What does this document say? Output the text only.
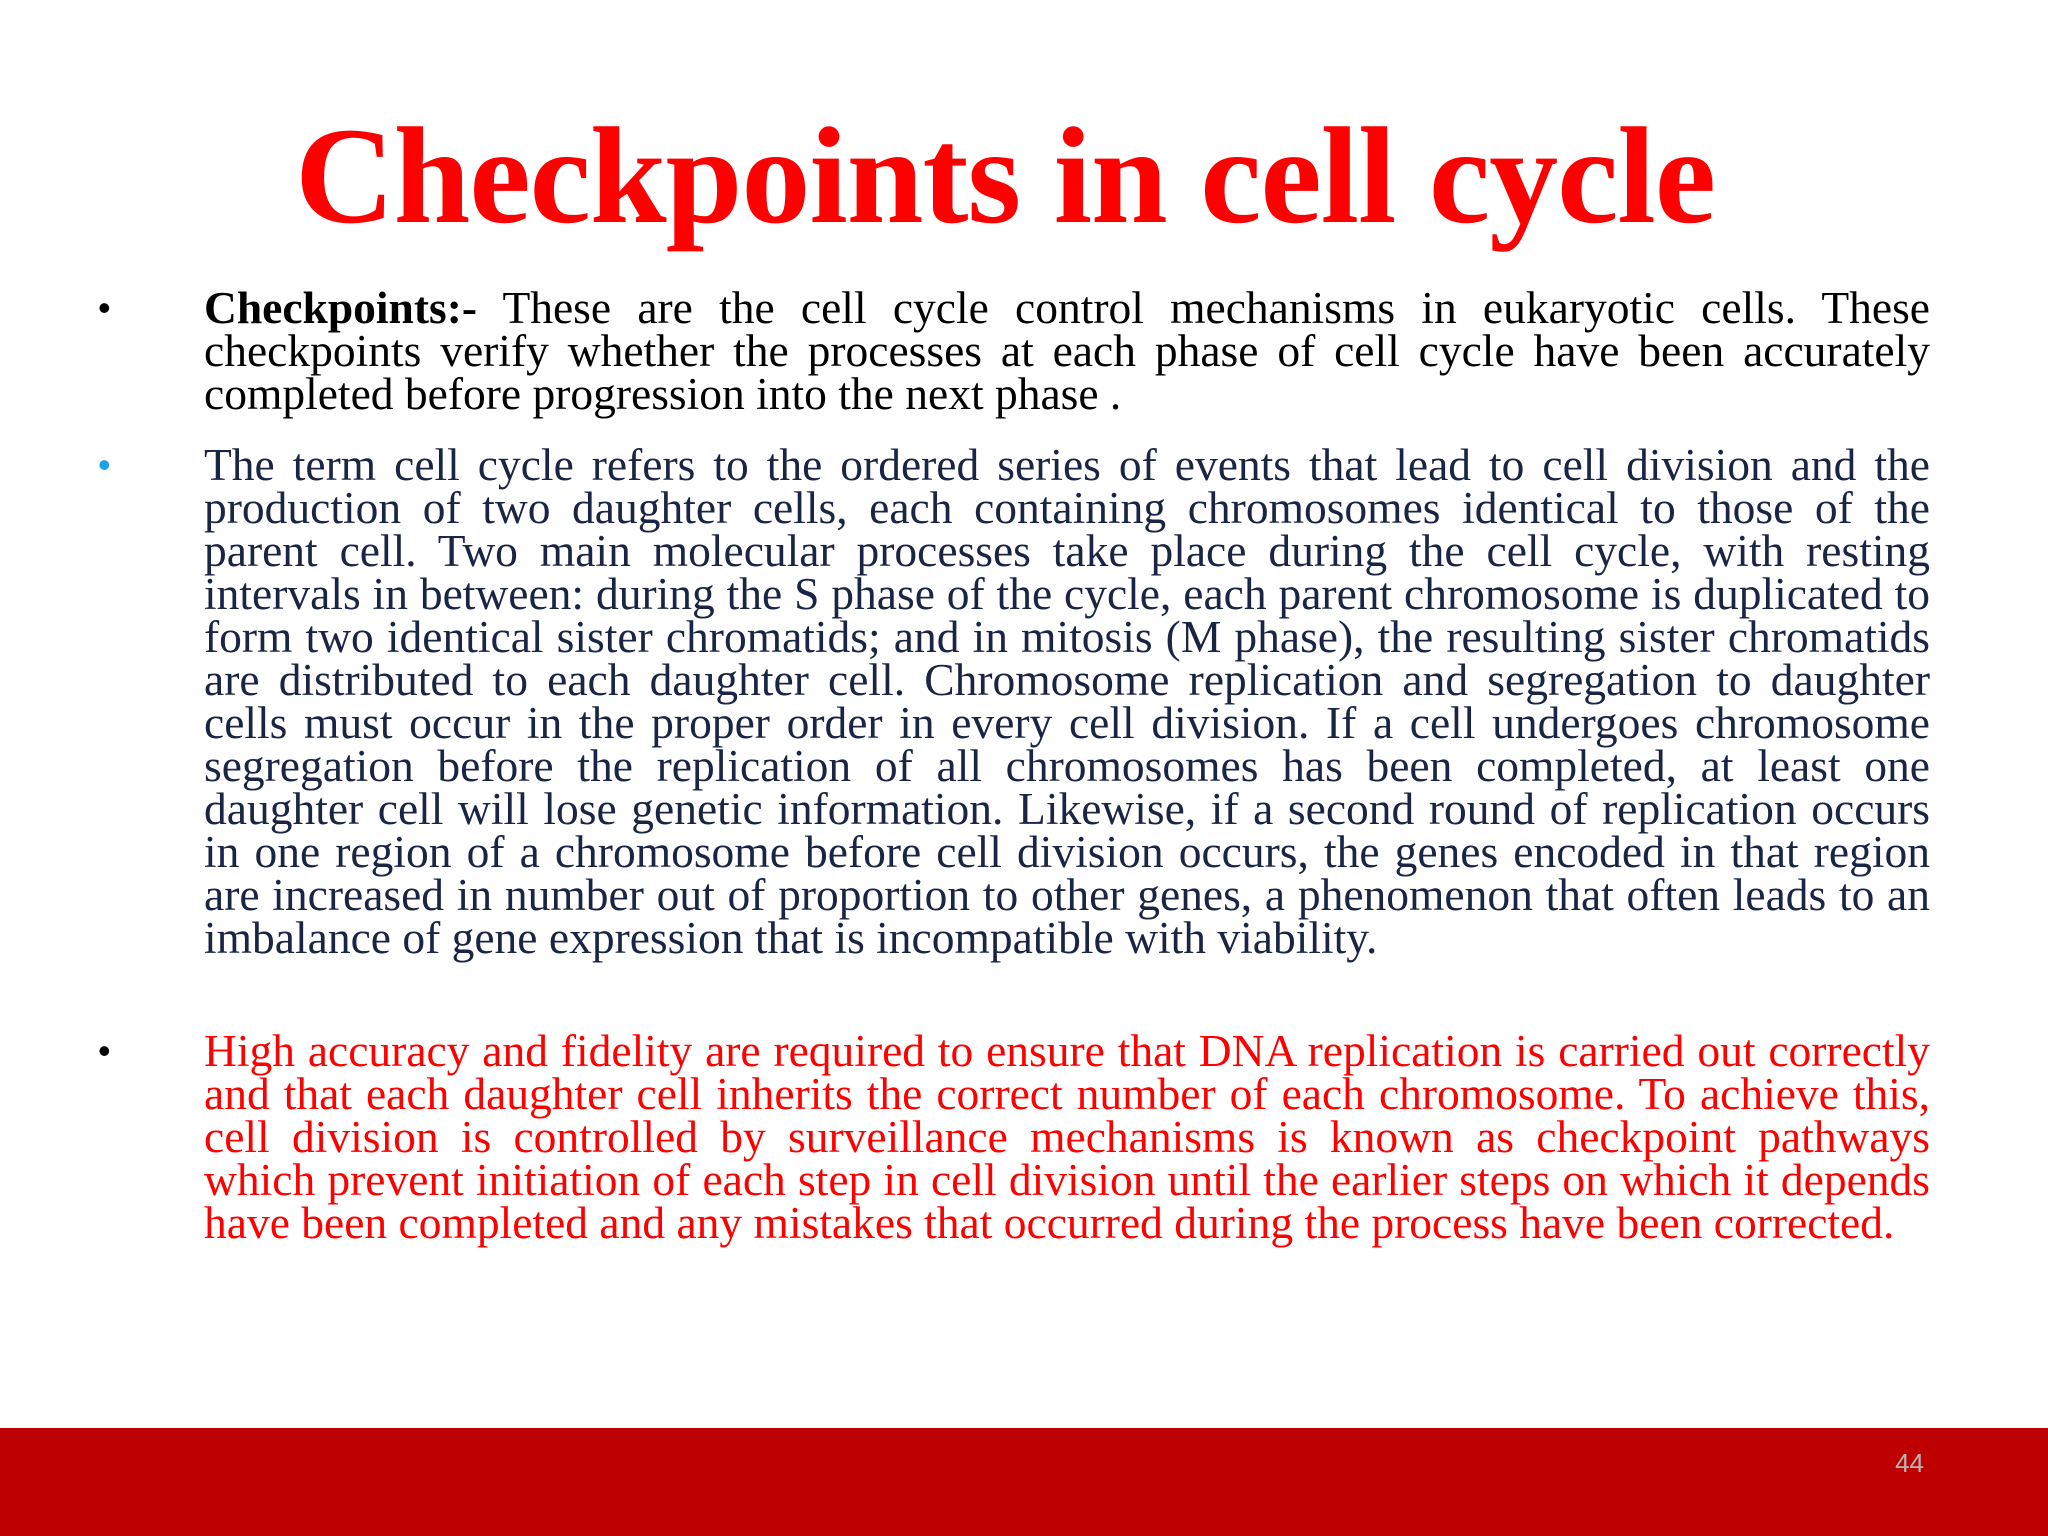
Checkpoints in cell cycle
• Checkpoints:- These are the cell cycle control mechanisms in eukaryotic cells. These checkpoints verify whether the processes at each phase of cell cycle have been accurately completed before progression into the next phase .
• The term cell cycle refers to the ordered series of events that lead to cell division and the production of two daughter cells, each containing chromosomes identical to those of the parent cell. Two main molecular processes take place during the cell cycle, with resting intervals in between: during the S phase of the cycle, each parent chromosome is duplicated to form two identical sister chromatids; and in mitosis (M phase), the resulting sister chromatids are distributed to each daughter cell. Chromosome replication and segregation to daughter cells must occur in the proper order in every cell division. If a cell undergoes chromosome segregation before the replication of all chromosomes has been completed, at least one daughter cell will lose genetic information. Likewise, if a second round of replication occurs in one region of a chromosome before cell division occurs, the genes encoded in that region are increased in number out of proportion to other genes, a phenomenon that often leads to an imbalance of gene expression that is incompatible with viability.
• High accuracy and fidelity are required to ensure that DNA replication is carried out correctly and that each daughter cell inherits the correct number of each chromosome. To achieve this, cell division is controlled by surveillance mechanisms is known as checkpoint pathways which prevent initiation of each step in cell division until the earlier steps on which it depends have been completed and any mistakes that occurred during the process have been corrected.
44
